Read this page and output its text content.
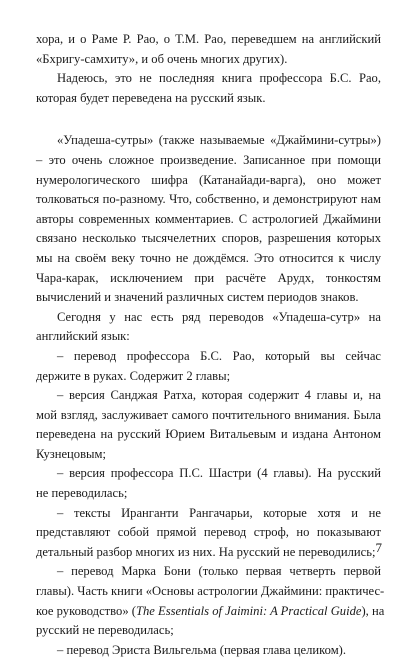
хора, и о Раме Р. Рао, о Т.М. Рао, переведшем на английский
«Бхригу-самхиту», и об очень многих других).
Надеюсь, это не последняя книга профессора Б.С. Рао,
которая будет переведена на русский язык.
«Упадеша-сутры» (также называемые «Джаймини-сутры»)
– это очень сложное произведение. Записанное при помощи
нумерологического шифра (Катанайади-варга), оно может
толковаться по-разному. Что, собственно, и демонстрируют нам
авторы современных комментариев. С астрологией Джаймини
связано несколько тысячелетних споров, разрешения которых
мы на своём веку точно не дождёмся. Это относится к числу
Чара-карак, исключением при расчёте Арудх, тонкостям
вычислений и значений различных систем периодов знаков.
Сегодня у нас есть ряд переводов «Упадеша-сутр» на
английский язык:
– перевод профессора Б.С. Рао, который вы сейчас
держите в руках. Содержит 2 главы;
– версия Санджая Ратха, которая содержит 4 главы и, на
мой взгляд, заслуживает самого почтительного внимания. Была
переведена на русский Юрием Витальевым и издана Антоном
Кузнецовым;
– версия профессора П.С. Шастри (4 главы). На русский
не переводилась;
– тексты Иранганти Рангачарьи, которые хотя и не
представляют собой прямой перевод строф, но показывают
детальный разбор многих из них. На русский не переводились;
– перевод Марка Бони (только первая четверть первой
главы). Часть книги «Основы астрологии Джаймини: практичес-
кое руководство» (The Essentials of Jaimini: A Practical Guide), на
русский не переводилась;
– перевод Эриста Вильгельма (первая глава целиком).
7
